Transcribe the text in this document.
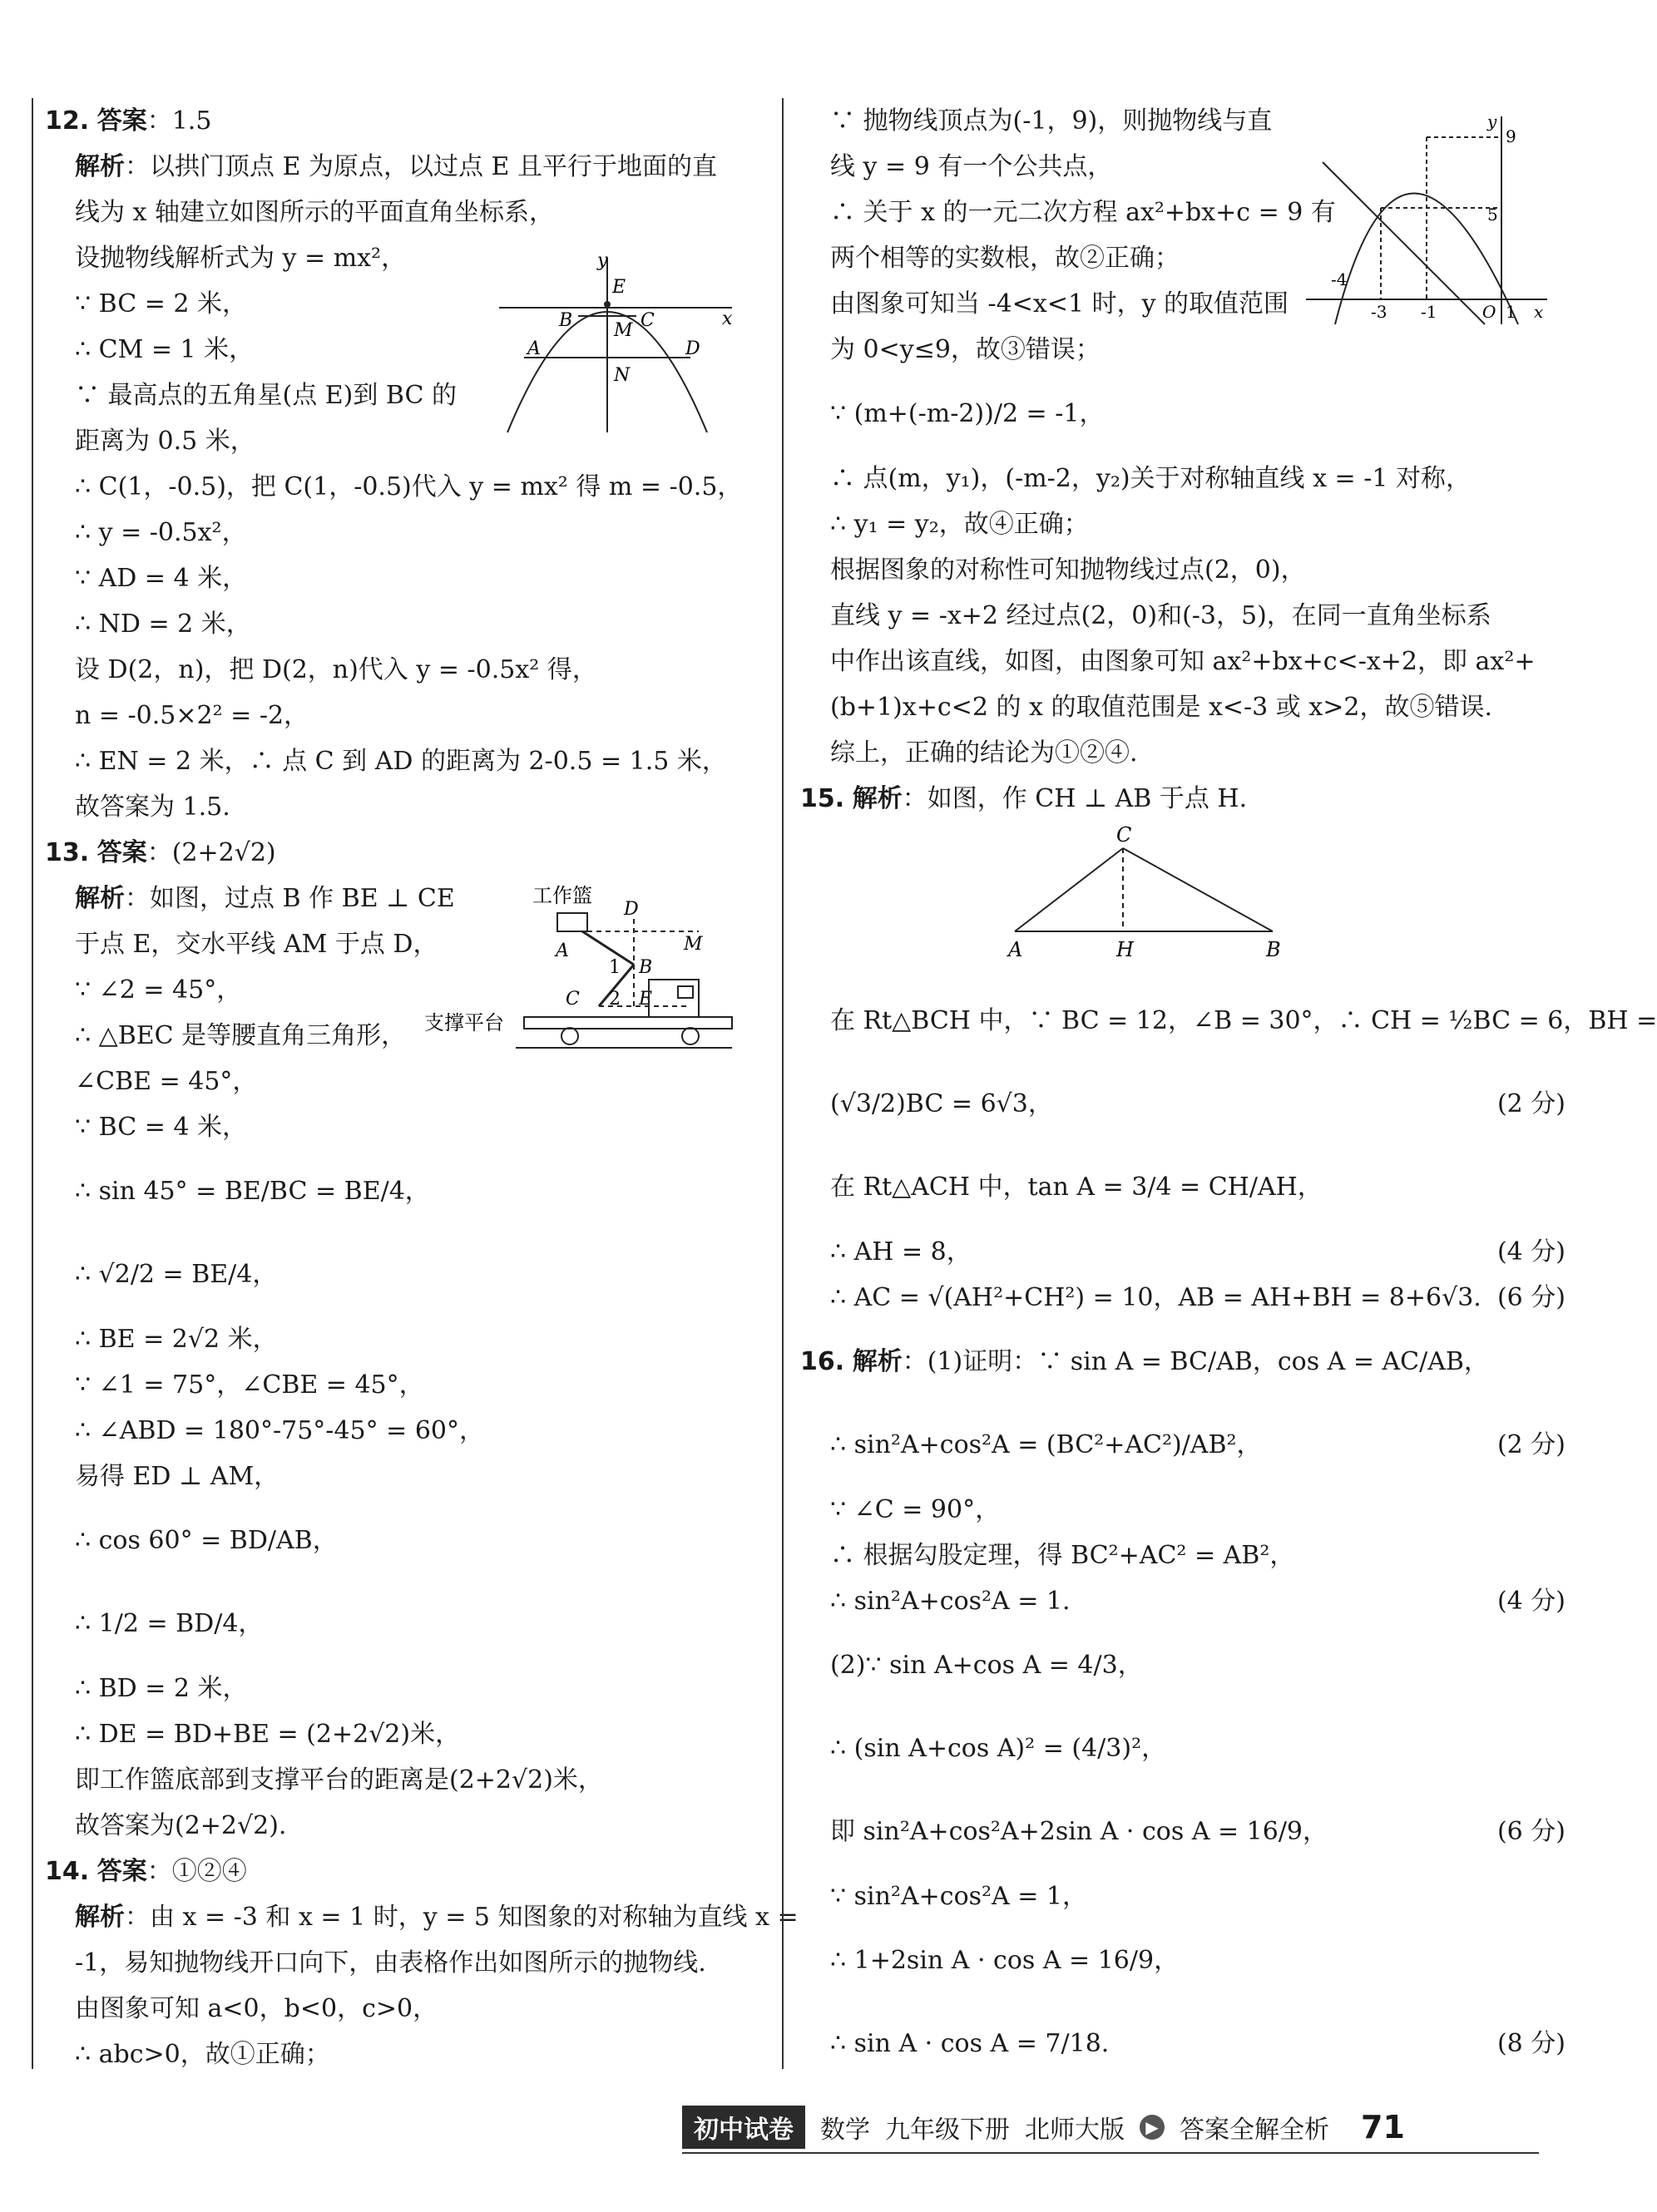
12. 答案：1.5
解析：以拱门顶点 E 为原点，以过点 E 且平行于地面的直
线为 x 轴建立如图所示的平面直角坐标系，
设抛物线解析式为 y = mx²，
∵ BC = 2 米，
∴ CM = 1 米，
∵ 最高点的五角星(点 E)到 BC 的
距离为 0.5 米，
∴ C(1，-0.5)，把 C(1，-0.5)代入 y = mx² 得 m = -0.5，
∴ y = -0.5x²，
∵ AD = 4 米，
∴ ND = 2 米，
设 D(2，n)，把 D(2，n)代入 y = -0.5x² 得，
n = -0.5×2² = -2，
∴ EN = 2 米，∴ 点 C 到 AD 的距离为 2-0.5 = 1.5 米，
故答案为 1.5.
13. 答案：(2+2√2)
解析：如图，过点 B 作 BE ⊥ CE
于点 E，交水平线 AM 于点 D，
∵ ∠2 = 45°，
∴ △BEC 是等腰直角三角形，
∠CBE = 45°，
∵ BC = 4 米，
∴ sin 45° = BE/BC = BE/4，
∴ √2/2 = BE/4，
∴ BE = 2√2 米，
∵ ∠1 = 75°，∠CBE = 45°，
∴ ∠ABD = 180°-75°-45° = 60°，
易得 ED ⊥ AM，
∴ cos 60° = BD/AB，
∴ 1/2 = BD/4，
∴ BD = 2 米，
∴ DE = BD+BE = (2+2√2)米，
即工作篮底部到支撑平台的距离是(2+2√2)米，
故答案为(2+2√2).
14. 答案：①②④
解析：由 x = -3 和 x = 1 时，y = 5 知图象的对称轴为直线 x =
-1，易知抛物线开口向下，由表格作出如图所示的抛物线.
由图象可知 a<0，b<0，c>0，
∴ abc>0，故①正确；
∵ 抛物线顶点为(-1，9)，则抛物线与直
线 y = 9 有一个公共点，
∴ 关于 x 的一元二次方程 ax²+bx+c = 9 有
两个相等的实数根，故②正确；
由图象可知当 -4<x<1 时，y 的取值范围
为 0<y≤9，故③错误；
∵ (m+(-m-2))/2 = -1，
∴ 点(m，y₁)，(-m-2，y₂)关于对称轴直线 x = -1 对称，
∴ y₁ = y₂，故④正确；
根据图象的对称性可知抛物线过点(2，0)，
直线 y = -x+2 经过点(2，0)和(-3，5)，在同一直角坐标系
中作出该直线，如图，由图象可知 ax²+bx+c<-x+2，即 ax²+
(b+1)x+c<2 的 x 的取值范围是 x<-3 或 x>2，故⑤错误.
综上，正确的结论为①②④.
15. 解析：如图，作 CH ⊥ AB 于点 H.
在 Rt△BCH 中，∵ BC = 12，∠B = 30°，∴ CH = ½BC = 6，BH =
(√3/2)BC = 6√3，	(2 分)
在 Rt△ACH 中，tan A = 3/4 = CH/AH，
∴ AH = 8，	(4 分)
∴ AC = √(AH²+CH²) = 10，AB = AH+BH = 8+6√3. (6 分)
16. 解析：(1)证明：∵ sin A = BC/AB，cos A = AC/AB，
∴ sin²A+cos²A = (BC²+AC²)/AB²，	(2 分)
∵ ∠C = 90°，
∴ 根据勾股定理，得 BC²+AC² = AB²，
∴ sin²A+cos²A = 1.	(4 分)
(2)∵ sin A+cos A = 4/3，
∴ (sin A+cos A)² = (4/3)²，
即 sin²A+cos²A+2sin A · cos A = 16/9，	(6 分)
∵ sin²A+cos²A = 1，
∴ 1+2sin A · cos A = 16/9，
∴ sin A · cos A = 7/18.	(8 分)
y
E
x
B	C
M
A	D
N
工作篮
D
A	M
1 B
C 2 E
支撑平台
y
9
5
-4
-3 -1	O 1 x
C
A	H	B
初中试卷	数学 九年级下册 北师大版	▶ 答案全解全析 71
